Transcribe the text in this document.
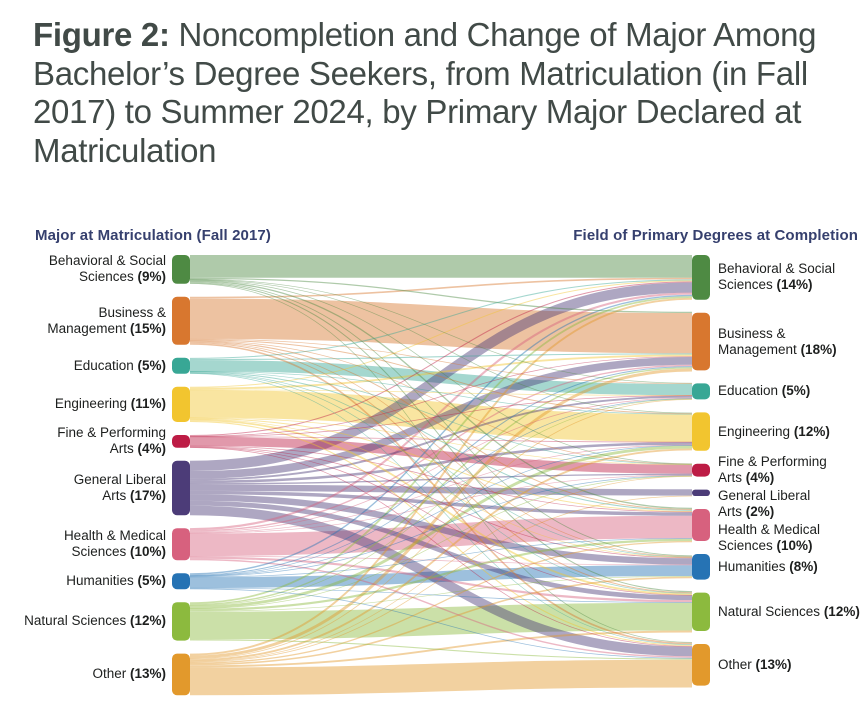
Figure 2: Noncompletion and Change of Major Among Bachelor’s Degree Seekers, from Matriculation (in Fall 2017) to Summer 2024, by Primary Major Declared at Matriculation
Major at Matriculation (Fall 2017)	Field of Primary Degrees at Completion
Behavioral & Social
Sciences (9%)
Business &
Management (15%)
Education (5%)
Engineering (11%)
Fine & Performing
Arts (4%)
General Liberal
Arts (17%)
Health & Medical
Sciences (10%)
Humanities (5%)
Natural Sciences (12%)
Other (13%)
Behavioral & Social
Sciences (14%)
Business &
Management (18%)
Education (5%)
Engineering (12%)
Fine & Performing
Arts (4%)
General Liberal
Arts (2%)
Health & Medical
Sciences (10%)
Humanities (8%)
Natural Sciences (12%)
Other (13%)
